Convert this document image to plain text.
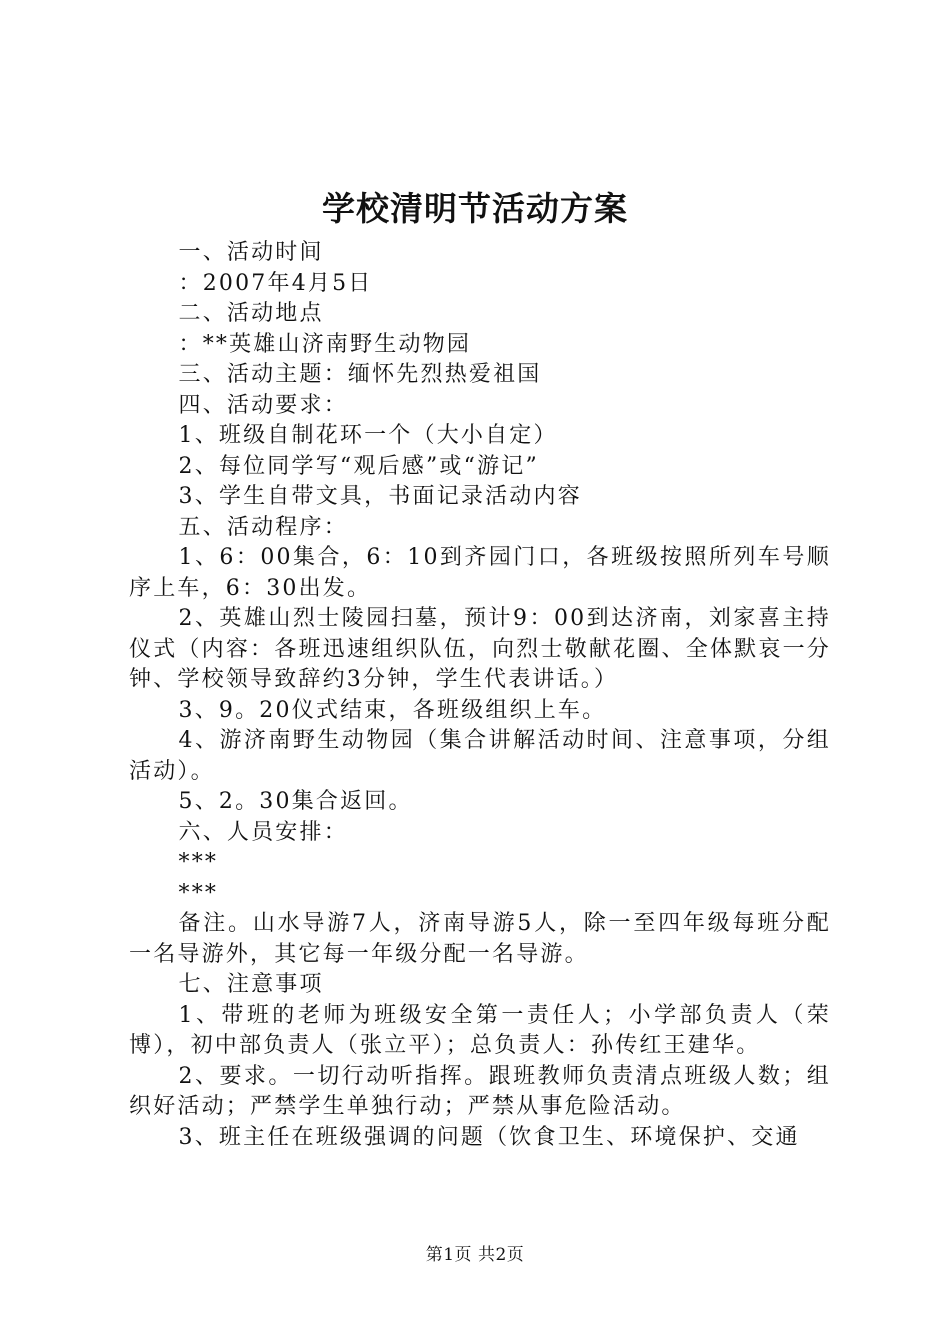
学校清明节活动方案

一、活动时间

：2007年4月5日

二、活动地点

：**英雄山济南野生动物园

三、活动主题：缅怀先烈热爱祖国

四、活动要求：

1、班级自制花环一个（大小自定）

2、每位同学写“观后感”或“游记”

3、学生自带文具，书面记录活动内容

五、活动程序：

1、6：00集合，6：10到齐园门口，各班级按照所列车号顺序上车，6：30出发。

2、英雄山烈士陵园扫墓，预计9：00到达济南，刘家喜主持仪式（内容：各班迅速组织队伍，向烈士敬献花圈、全体默哀一分钟、学校领导致辞约3分钟，学生代表讲话。）

3、9。20仪式结束，各班级组织上车。

4、游济南野生动物园（集合讲解活动时间、注意事项，分组活动）。

5、2。30集合返回。

六、人员安排：

***

***

备注。山水导游7人，济南导游5人，除一至四年级每班分配一名导游外，其它每一年级分配一名导游。

七、注意事项

1、带班的老师为班级安全第一责任人；小学部负责人（荣博），初中部负责人（张立平）；总负责人：孙传红王建华。

2、要求。一切行动听指挥。跟班教师负责清点班级人数；组织好活动；严禁学生单独行动；严禁从事危险活动。

3、班主任在班级强调的问题（饮食卫生、环境保护、交通

第1页 共2页
